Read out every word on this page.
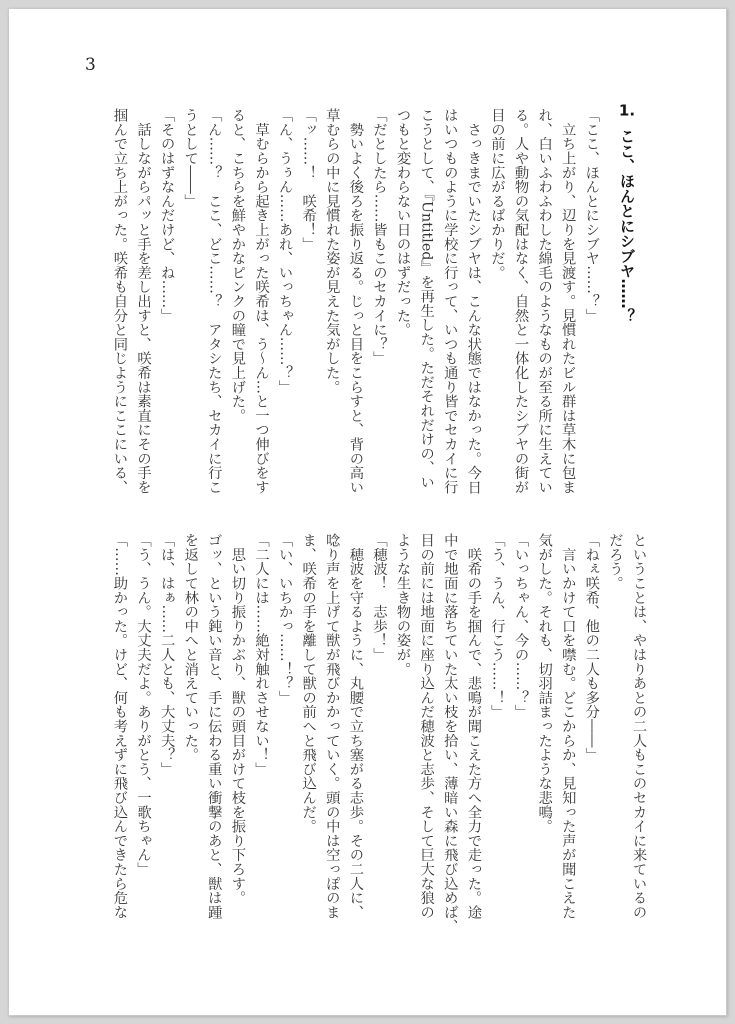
3
1.ここ、ほんとにシブヤ……？
「ここ、ほんとにシブヤ……？」
　立ち上がり、辺りを見渡す。見慣れたビル群は草木に包ま
れ、白いふわふわした綿毛のようなものが至る所に生えてい
る。人や動物の気配はなく、自然と一体化したシブヤの街が
目の前に広がるばかりだ。
　さっきまでいたシブヤは、こんな状態ではなかった。今日
はいつものように学校に行って、いつも通り皆でセカイに行
こうとして、『Untitled』を再生した。ただそれだけの、い
つもと変わらない日のはずだった。
「だとしたら……皆もこのセカイに？」
　勢いよく後ろを振り返る。じっと目をこらすと、背の高い
草むらの中に見慣れた姿が見えた気がした。
「ッ……！　咲希！」
「ん、うぅん……あれ、いっちゃん……？」
　草むらから起き上がった咲希は、う〜ん…と一つ伸びをす
ると、こちらを鮮やかなピンクの瞳で見上げた。
「ん……？　ここ、どこ……？　アタシたち、セカイに行こ
うとして――」
「そのはずなんだけど、ね……」
　話しながらパッと手を差し出すと、咲希は素直にその手を
掴んで立ち上がった。咲希も自分と同じようにここにいる、
ということは、やはりあとの二人もこのセカイに来ているの
だろう。
「ねぇ咲希、他の二人も多分――」
　言いかけて口を噤む。どこからか、見知った声が聞こえた
気がした。それも、切羽詰まったような悲鳴。
「いっちゃん、今の……？」
「う、うん、行こう……！」
　咲希の手を掴んで、悲鳴が聞こえた方へ全力で走った。途
中で地面に落ちていた太い枝を拾い、薄暗い森に飛び込めば、
目の前には地面に座り込んだ穂波と志歩、そして巨大な狼の
ような生き物の姿が。
「穂波！　志歩！」
　穂波を守るように、丸腰で立ち塞がる志歩。その二人に、
唸り声を上げて獣が飛びかかっていく。頭の中は空っぽのま
ま、咲希の手を離して獣の前へと飛び込んだ。
「い、いちかっ……！？」
「二人には……絶対触れさせない！」
　思い切り振りかぶり、獣の頭目がけて枝を振り下ろす。
ゴッ、という鈍い音と、手に伝わる重い衝撃のあと、獣は踵
を返して林の中へと消えていった。
「は、はぁ……二人とも、大丈夫？」
「う、うん。大丈夫だよ。ありがとう、一歌ちゃん」
「……助かった。けど、何も考えずに飛び込んできたら危な
